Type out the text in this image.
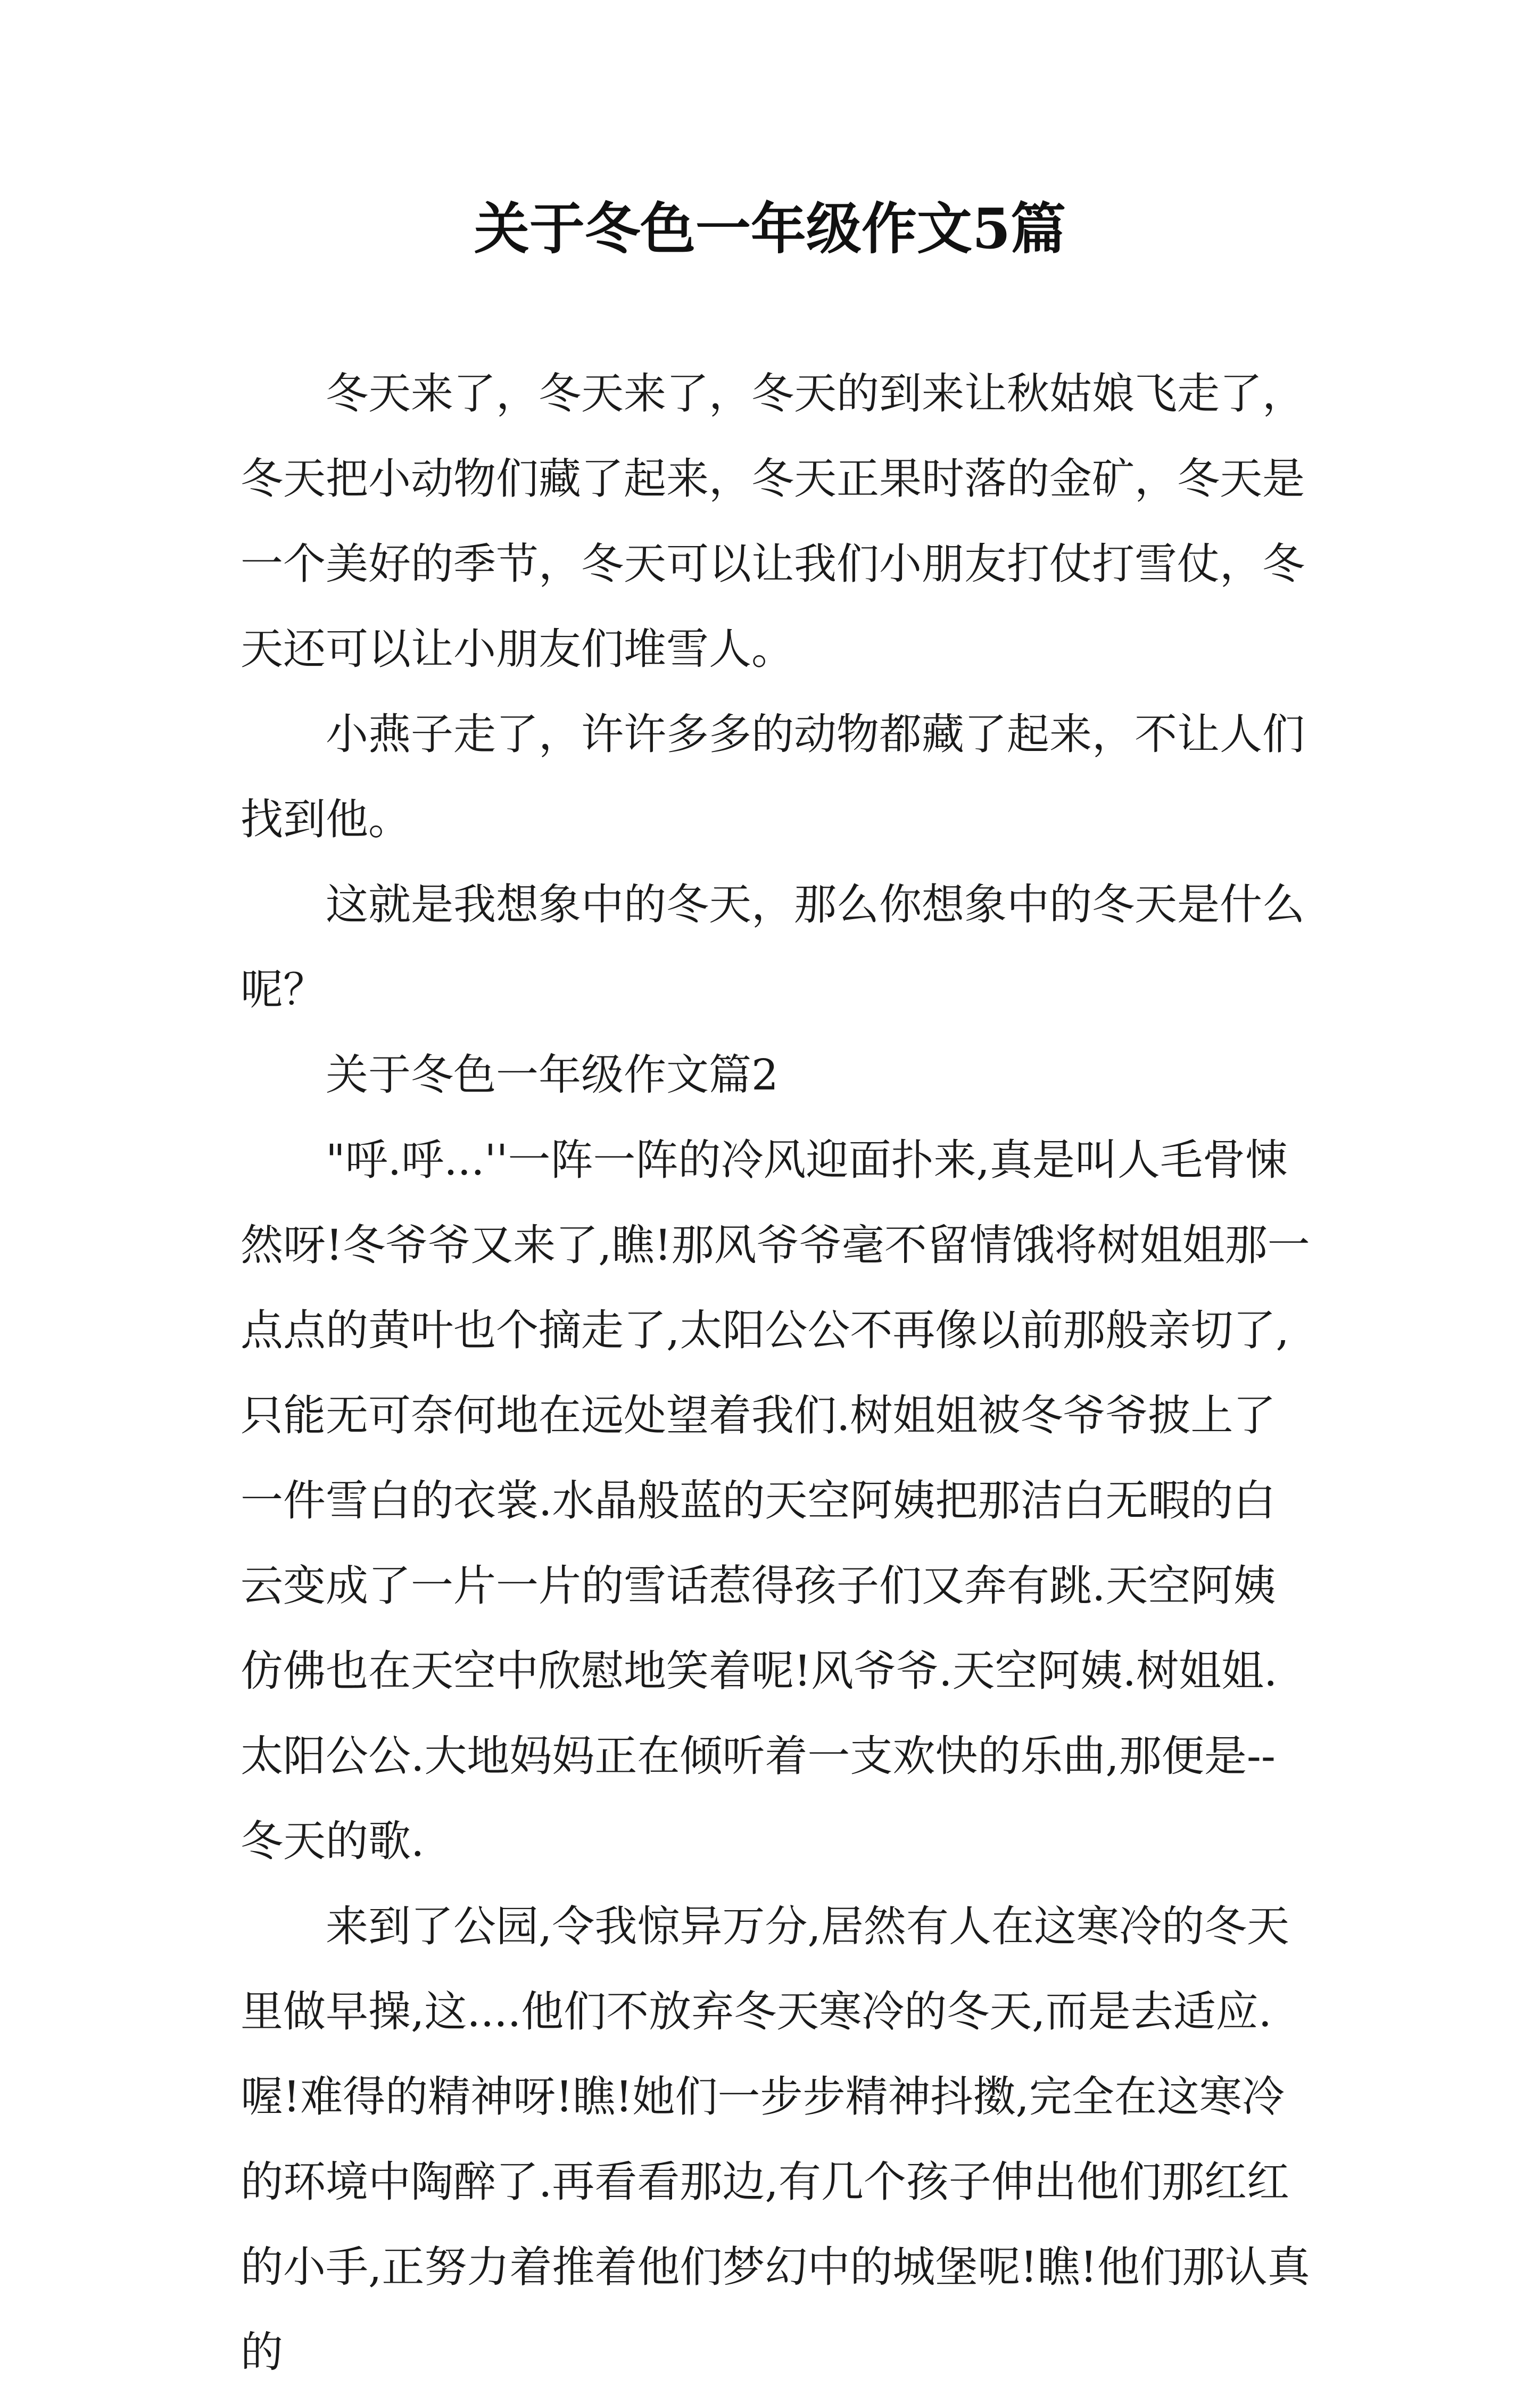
关于冬色一年级作文5篇

冬天来了，冬天来了，冬天的到来让秋姑娘飞走了，冬天把小动物们藏了起来，冬天正果时落的金矿，冬天是一个美好的季节，冬天可以让我们小朋友打仗打雪仗，冬天还可以让小朋友们堆雪人。

小燕子走了，许许多多的动物都藏了起来，不让人们找到他。

这就是我想象中的冬天，那么你想象中的冬天是什么呢？

关于冬色一年级作文篇2

"呼.呼...''一阵一阵的冷风迎面扑来,真是叫人毛骨悚然呀!冬爷爷又来了,瞧!那风爷爷毫不留情饿将树姐姐那一点点的黄叶也个摘走了,太阳公公不再像以前那般亲切了,只能无可奈何地在远处望着我们.树姐姐被冬爷爷披上了一件雪白的衣裳.水晶般蓝的天空阿姨把那洁白无暇的白云变成了一片一片的雪话惹得孩子们又奔有跳.天空阿姨仿佛也在天空中欣慰地笑着呢!风爷爷.天空阿姨.树姐姐.太阳公公.大地妈妈正在倾听着一支欢快的乐曲,那便是--冬天的歌.

来到了公园,令我惊异万分,居然有人在这寒冷的冬天里做早操,这....他们不放弃冬天寒冷的冬天,而是去适应.喔!难得的精神呀!瞧!她们一步步精神抖擞,完全在这寒冷的环境中陶醉了.再看看那边,有几个孩子伸出他们那红红的小手,正努力着推着他们梦幻中的城堡呢!瞧!他们那认真的
